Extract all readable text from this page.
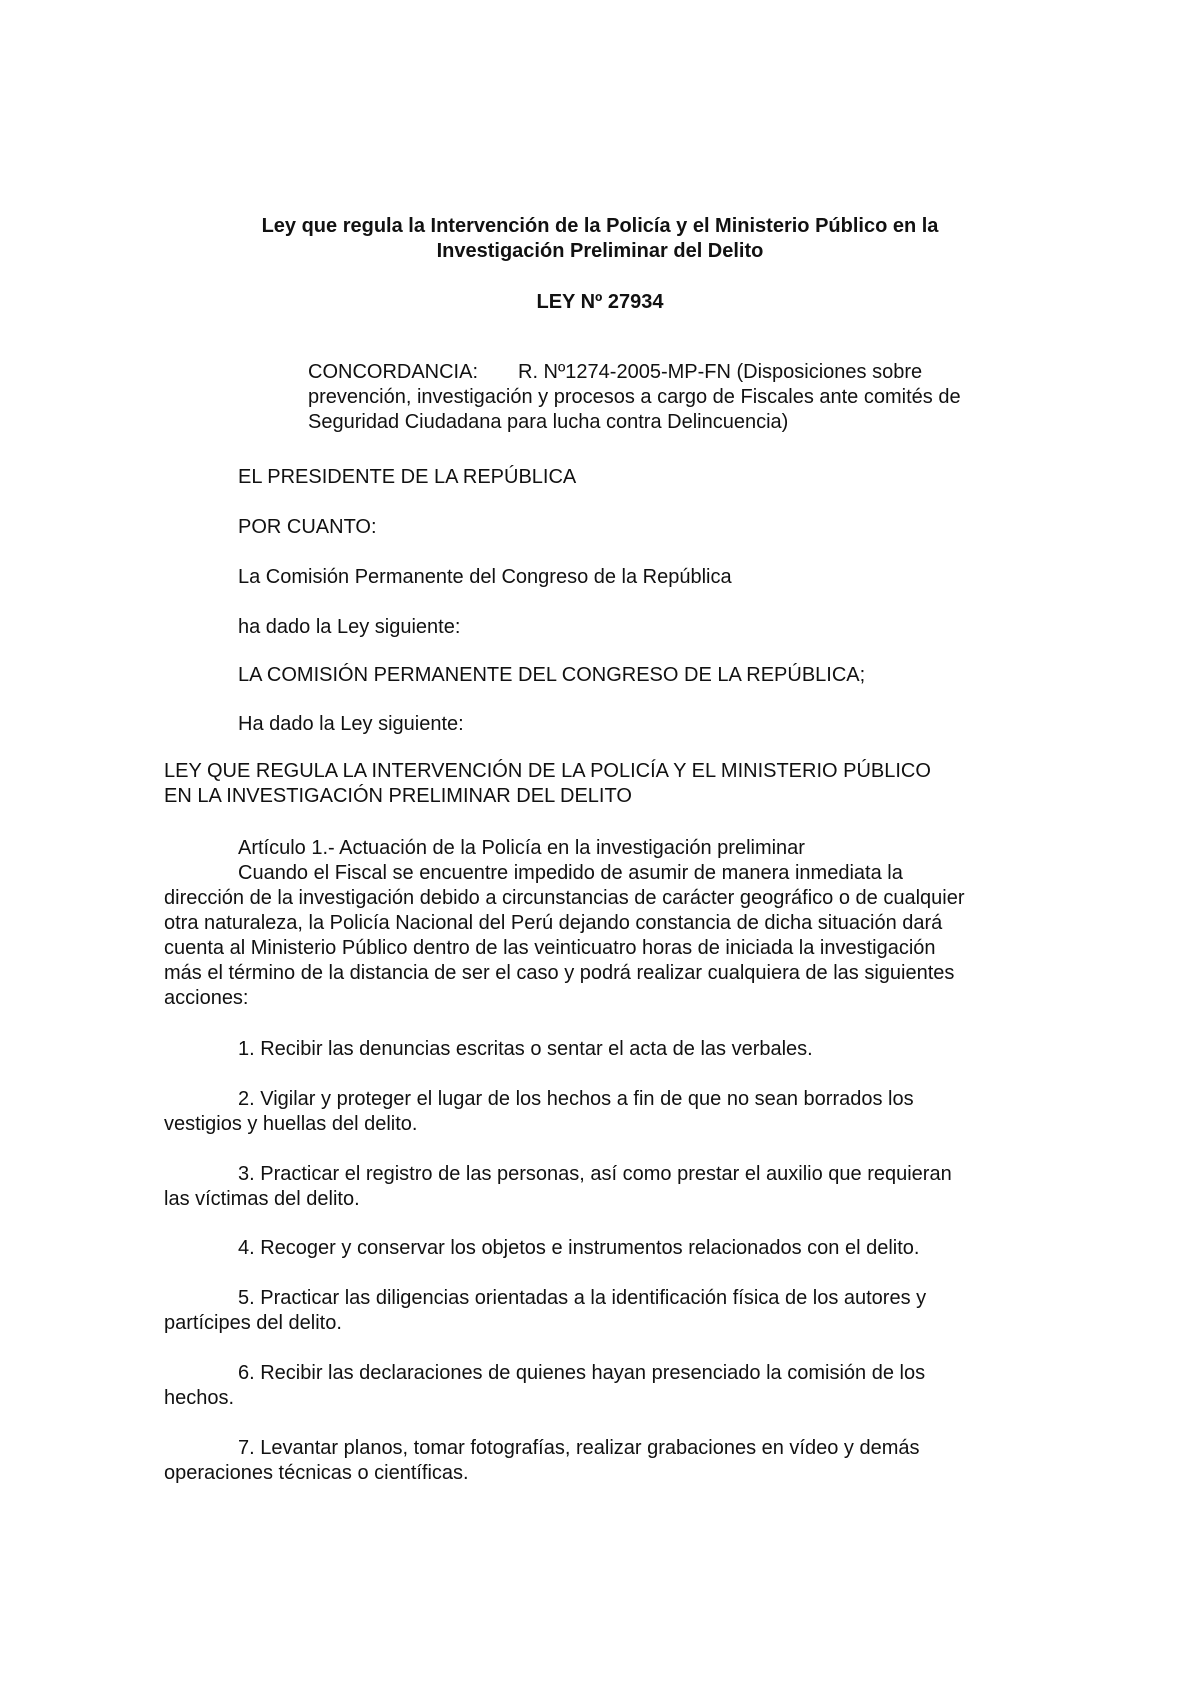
Ley que regula la Intervención de la Policía y el Ministerio Público en la
Investigación Preliminar del Delito
LEY Nº 27934
CONCORDANCIA: R. Nº1274-2005-MP-FN (Disposiciones sobre
prevención, investigación y procesos a cargo de Fiscales ante comités de
Seguridad Ciudadana para lucha contra Delincuencia)
EL PRESIDENTE DE LA REPÚBLICA
POR CUANTO:
La Comisión Permanente del Congreso de la República
ha dado la Ley siguiente:
LA COMISIÓN PERMANENTE DEL CONGRESO DE LA REPÚBLICA;
Ha dado la Ley siguiente:
LEY QUE REGULA LA INTERVENCIÓN DE LA POLICÍA Y EL MINISTERIO PÚBLICO
EN LA INVESTIGACIÓN PRELIMINAR DEL DELITO
Artículo 1.- Actuación de la Policía en la investigación preliminar
Cuando el Fiscal se encuentre impedido de asumir de manera inmediata la
dirección de la investigación debido a circunstancias de carácter geográfico o de cualquier
otra naturaleza, la Policía Nacional del Perú dejando constancia de dicha situación dará
cuenta al Ministerio Público dentro de las veinticuatro horas de iniciada la investigación
más el término de la distancia de ser el caso y podrá realizar cualquiera de las siguientes
acciones:
1. Recibir las denuncias escritas o sentar el acta de las verbales.
2. Vigilar y proteger el lugar de los hechos a fin de que no sean borrados los
vestigios y huellas del delito.
3. Practicar el registro de las personas, así como prestar el auxilio que requieran
las víctimas del delito.
4. Recoger y conservar los objetos e instrumentos relacionados con el delito.
5. Practicar las diligencias orientadas a la identificación física de los autores y
partícipes del delito.
6. Recibir las declaraciones de quienes hayan presenciado la comisión de los
hechos.
7. Levantar planos, tomar fotografías, realizar grabaciones en vídeo y demás
operaciones técnicas o científicas.
